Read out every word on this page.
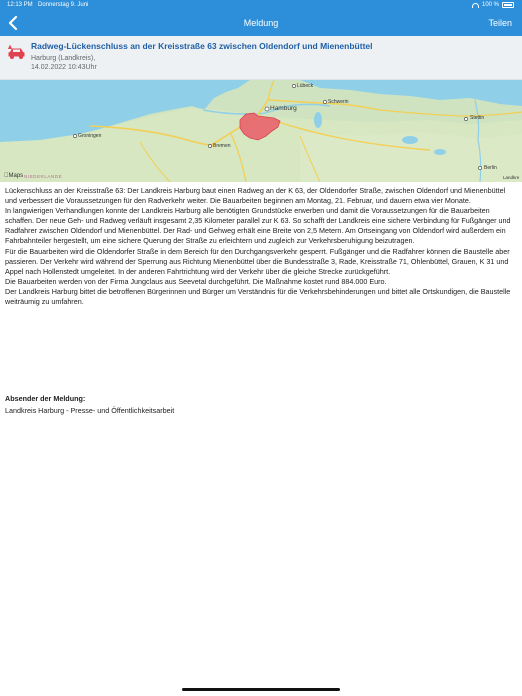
12:13 PM Donnerstag 9. Juni	100 %
Meldung	Teilen
Radweg-Lückenschluss an der Kreisstraße 63 zwischen Oldendorf und Mienenbüttel
Harburg (Landkreis),
14.02.2022 10:43Uhr
Lübeck
Schwerin
Hamburg
Stettin
Groningen
Bremen
Berlin
Landkre
NIEDERLANDE
Maps

Lückenschluss an der Kreisstraße 63: Der Landkreis Harburg baut einen Radweg an der K 63, der Oldendorfer Straße, zwischen Oldendorf und Mienenbüttel und verbessert die Voraussetzungen für den Radverkehr weiter. Die Bauarbeiten beginnen am Montag, 21. Februar, und dauern etwa vier Monate.

In langwierigen Verhandlungen konnte der Landkreis Harburg alle benötigten Grundstücke erwerben und damit die Voraussetzungen für die Bauarbeiten schaffen. Der neue Geh- und Radweg verläuft insgesamt 2,35 Kilometer parallel zur K 63. So schafft der Landkreis eine sichere Verbindung für Fußgänger und Radfahrer zwischen Oldendorf und Mienenbüttel. Der Rad- und Gehweg erhält eine Breite von 2,5 Metern. Am Ortseingang von Oldendorf wird außerdem ein Fahrbahnteiler hergestellt, um eine sichere Querung der Straße zu erleichtern und zugleich zur Verkehrsberuhigung beizutragen.

Für die Bauarbeiten wird die Oldendorfer Straße in dem Bereich für den Durchgangsverkehr gesperrt. Fußgänger und die Radfahrer können die Baustelle aber passieren. Der Verkehr wird während der Sperrung aus Richtung Mienenbüttel über die Bundesstraße 3, Rade, Kreisstraße 71, Ohlenbüttel, Grauen, K 31 und Appel nach Hollenstedt umgeleitet. In der anderen Fahrtrichtung wird der Verkehr über die gleiche Strecke zurückgeführt.

Die Bauarbeiten werden von der Firma Jungclaus aus Seevetal durchgeführt. Die Maßnahme kostet rund 884.000 Euro.

Der Landkreis Harburg bittet die betroffenen Bürgerinnen und Bürger um Verständnis für die Verkehrsbehinderungen und bittet alle Ortskundigen, die Baustelle weiträumig zu umfahren.

Absender der Meldung:
Landkreis Harburg - Presse- und Öffentlichkeitsarbeit
